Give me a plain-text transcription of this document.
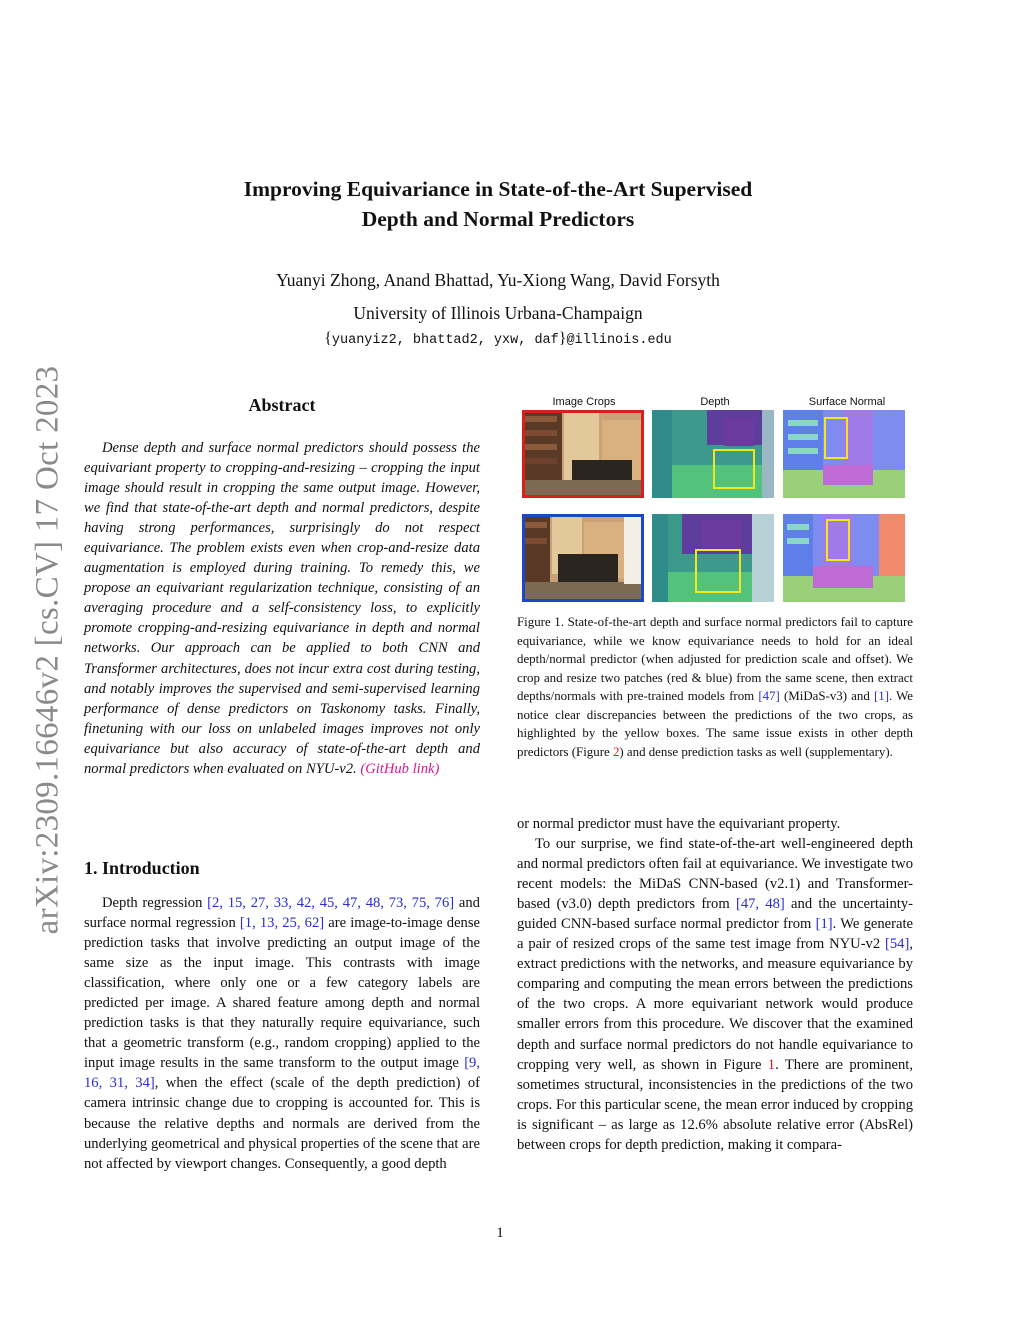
arXiv:2309.16646v2 [cs.CV] 17 Oct 2023
Improving Equivariance in State-of-the-Art Supervised
Depth and Normal Predictors
Yuanyi Zhong, Anand Bhattad, Yu-Xiong Wang, David Forsyth
University of Illinois Urbana-Champaign
{yuanyiz2, bhattad2, yxw, daf}@illinois.edu
Abstract

Dense depth and surface normal predictors should possess the equivariant property to cropping-and-resizing – cropping the input image should result in cropping the same output image. However, we find that state-of-the-art depth and normal predictors, despite having strong performances, surprisingly do not respect equivariance. The problem exists even when crop-and-resize data augmentation is employed during training. To remedy this, we propose an equivariant regularization technique, consisting of an averaging procedure and a self-consistency loss, to explicitly promote cropping-and-resizing equivariance in depth and normal networks. Our approach can be applied to both CNN and Transformer architectures, does not incur extra cost during testing, and notably improves the supervised and semi-supervised learning performance of dense predictors on Taskonomy tasks. Finally, finetuning with our loss on unlabeled images improves not only equivariance but also accuracy of state-of-the-art depth and normal predictors when evaluated on NYU-v2. (GitHub link)

1. Introduction

Depth regression [2, 15, 27, 33, 42, 45, 47, 48, 73, 75, 76] and surface normal regression [1, 13, 25, 62] are image-to-image dense prediction tasks that involve predicting an output image of the same size as the input image. This contrasts with image classification, where only one or a few category labels are predicted per image. A shared feature among depth and normal prediction tasks is that they naturally require equivariance, such that a geometric transform (e.g., random cropping) applied to the input image results in the same transform to the output image [9, 16, 31, 34], when the effect (scale of the depth prediction) of camera intrinsic change due to cropping is accounted for. This is because the relative depths and normals are derived from the underlying geometrical and physical properties of the scene that are not affected by viewport changes. Consequently, a good depth

Image Crops	Depth	Surface Normal

Figure 1. State-of-the-art depth and surface normal predictors fail to capture equivariance, while we know equivariance needs to hold for an ideal depth/normal predictor (when adjusted for prediction scale and offset). We crop and resize two patches (red & blue) from the same scene, then extract depths/normals with pre-trained models from [47] (MiDaS-v3) and [1]. We notice clear discrepancies between the predictions of the two crops, as highlighted by the yellow boxes. The same issue exists in other depth predictors (Figure 2) and dense prediction tasks as well (supplementary).

or normal predictor must have the equivariant property.

To our surprise, we find state-of-the-art well-engineered depth and normal predictors often fail at equivariance. We investigate two recent models: the MiDaS CNN-based (v2.1) and Transformer-based (v3.0) depth predictors from [47, 48] and the uncertainty-guided CNN-based surface normal predictor from [1]. We generate a pair of resized crops of the same test image from NYU-v2 [54], extract predictions with the networks, and measure equivariance by comparing and computing the mean errors between the predictions of the two crops. A more equivariant network would produce smaller errors from this procedure. We discover that the examined depth and surface normal predictors do not handle equivariance to cropping very well, as shown in Figure 1. There are prominent, sometimes structural, inconsistencies in the predictions of the two crops. For this particular scene, the mean error induced by cropping is significant – as large as 12.6% absolute relative error (AbsRel) between crops for depth prediction, making it compara-

1
